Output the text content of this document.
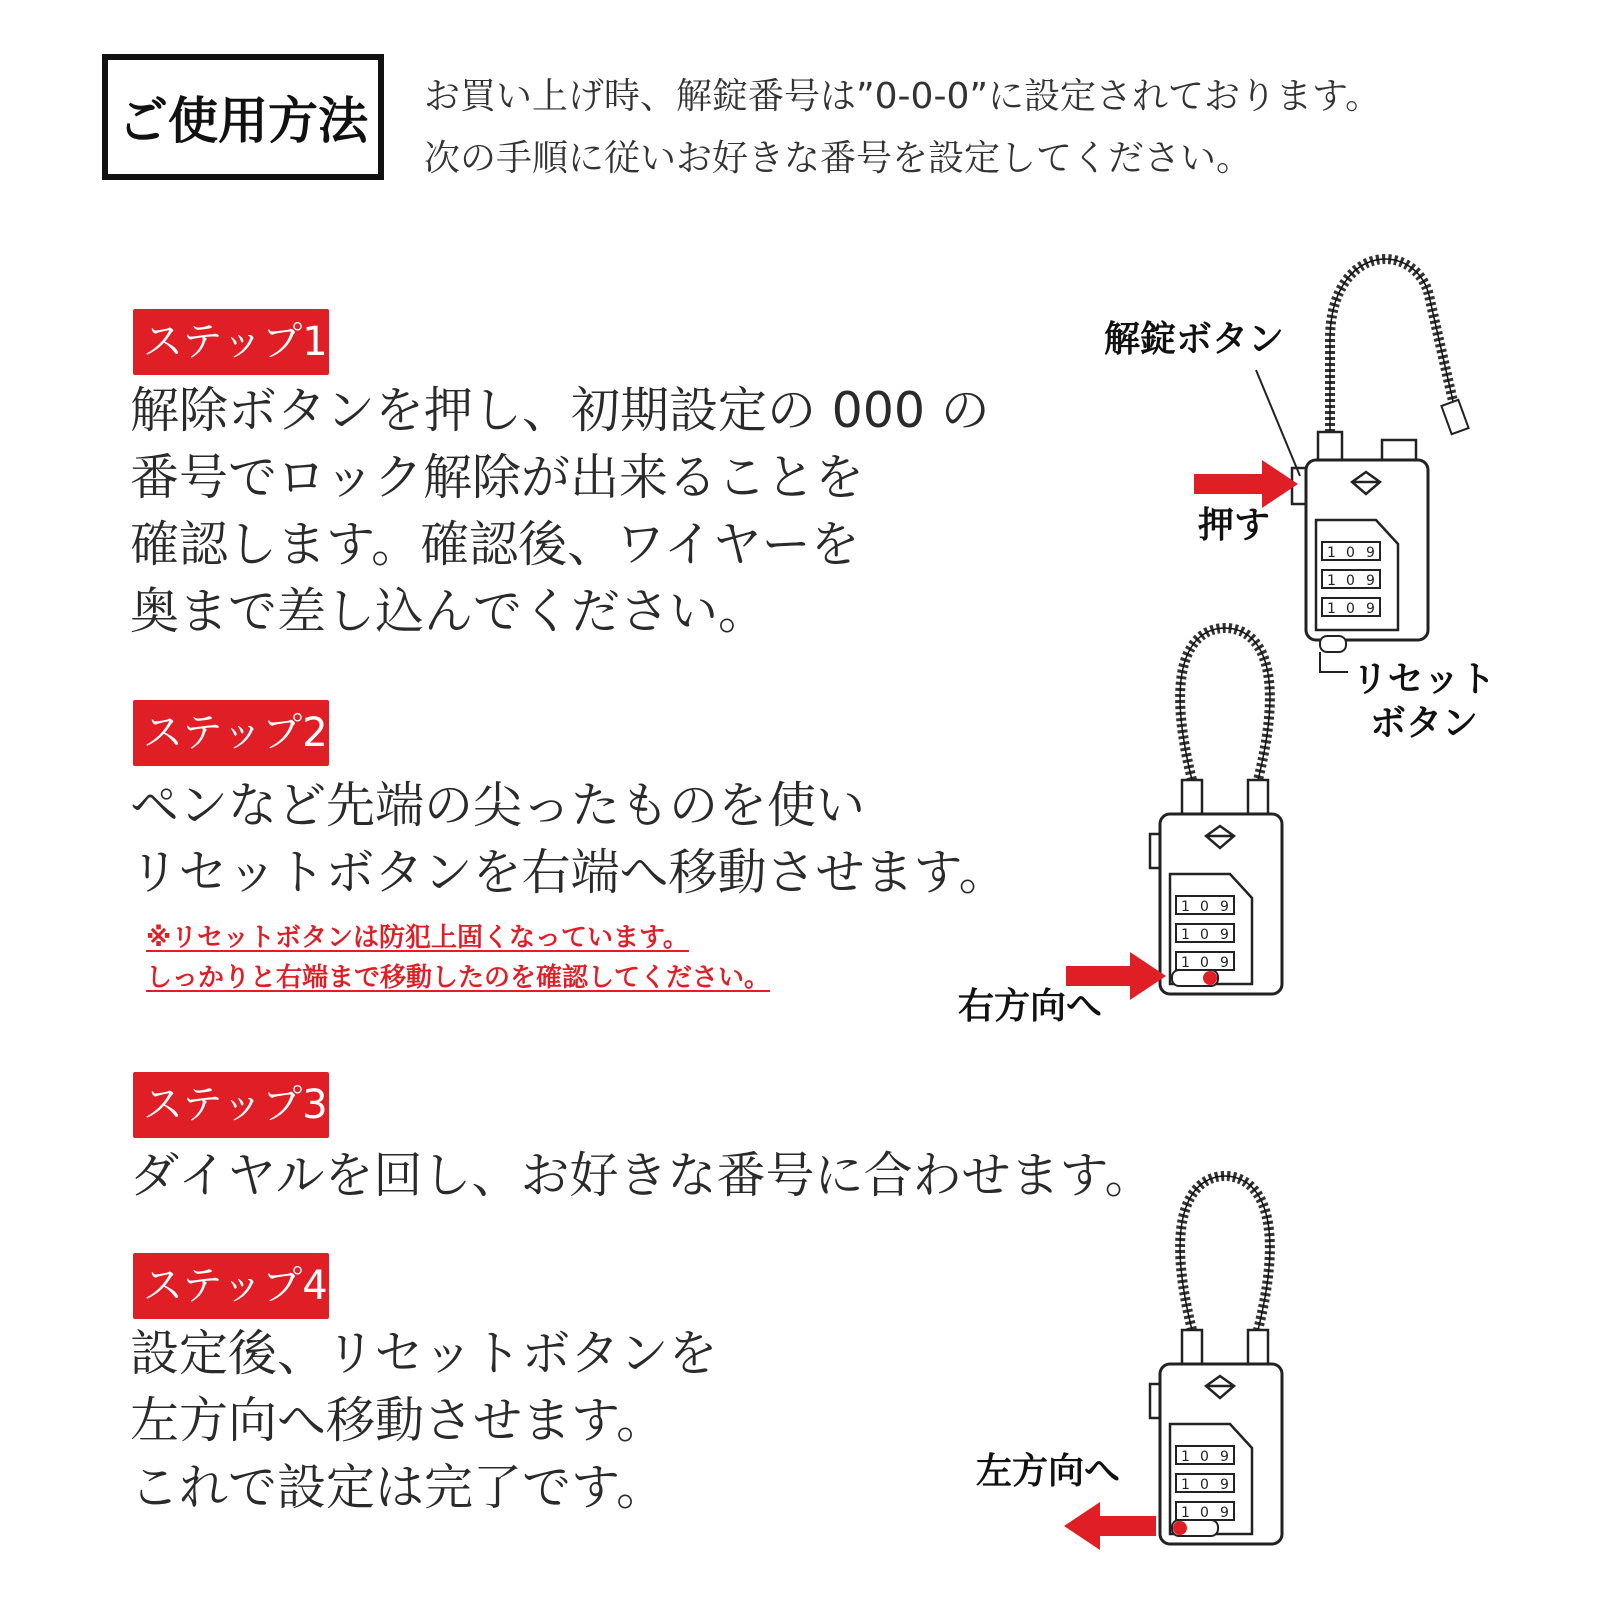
ご使用方法	お買い上げ時、解錠番号は”0-0-0”に設定されております。
次の手順に従いお好きな番号を設定してください。
ステップ1
解除ボタンを押し、初期設定の 000 の
番号でロック解除が出来ることを
確認します。確認後、ワイヤーを
奥まで差し込んでください。
ステップ2
ペンなど先端の尖ったものを使い
リセットボタンを右端へ移動させます。
※リセットボタンは防犯上固くなっています。
しっかりと右端まで移動したのを確認してください。
ステップ3
ダイヤルを回し、お好きな番号に合わせます。
ステップ4
設定後、リセットボタンを
左方向へ移動させます。
これで設定は完了です。
解錠ボタン
押す
リセット
ボタン
右方向へ
左方向へ
1 0 9
1 0 9
1 0 9
